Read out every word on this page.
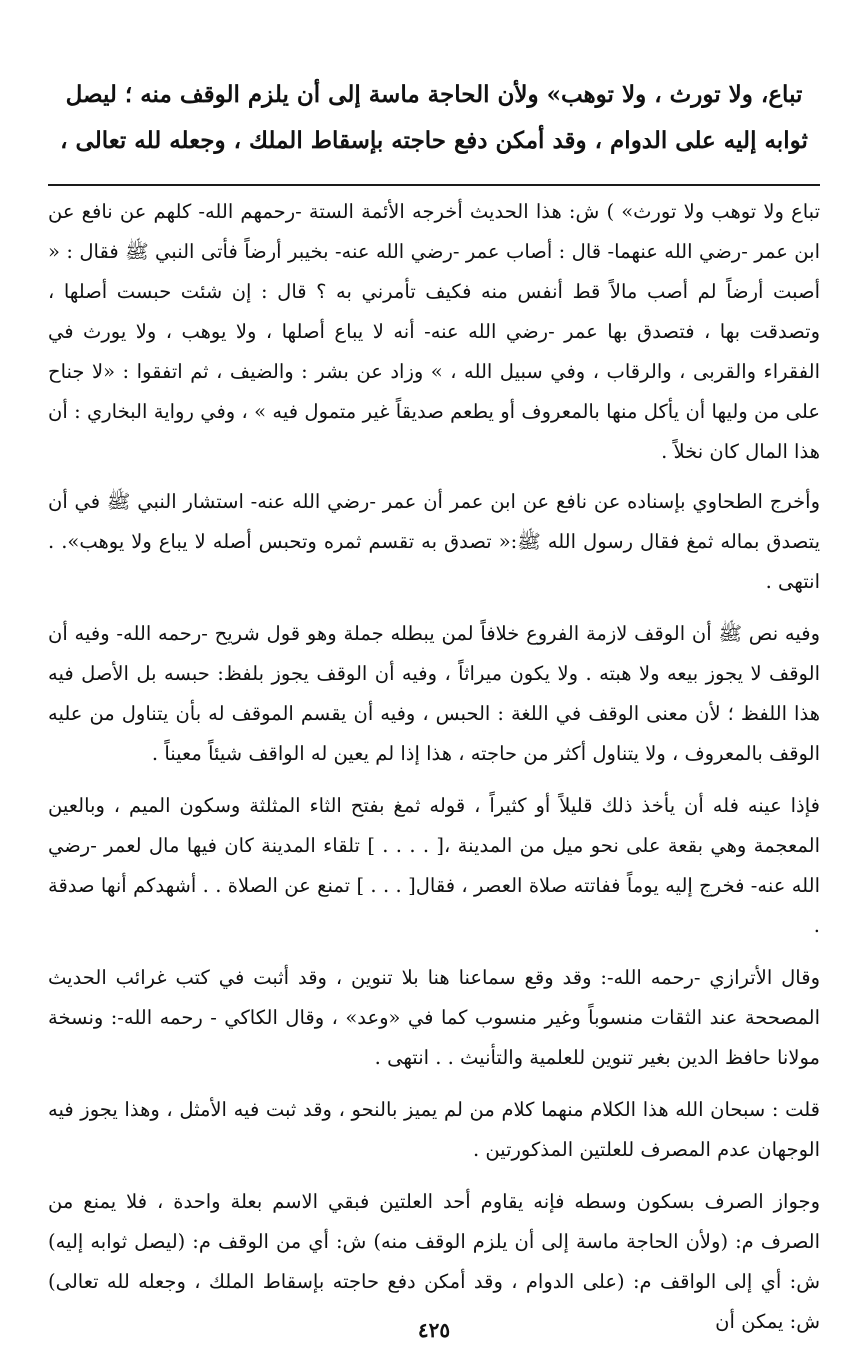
تباع، ولا تورث ، ولا توهب» ولأن الحاجة ماسة إلى أن يلزم الوقف منه ؛ ليصل ثوابه إليه على الدوام ، وقد أمكن دفع حاجته بإسقاط الملك ، وجعله لله تعالى ،

تباع ولا توهب ولا تورث» ) ش: هذا الحديث أخرجه الأئمة الستة -رحمهم الله- كلهم عن نافع عن ابن عمر -رضي الله عنهما- قال : أصاب عمر -رضي الله عنه- بخيبر أرضاً فأتى النبي ﷺ فقال : « أصبت أرضاً لم أصب مالاً قط أنفس منه فكيف تأمرني به ؟ قال : إن شئت حبست أصلها ، وتصدقت بها ، فتصدق بها عمر -رضي الله عنه- أنه لا يباع أصلها ، ولا يوهب ، ولا يورث في الفقراء والقربى ، والرقاب ، وفي سبيل الله ، » وزاد عن بشر : والضيف ، ثم اتفقوا : «لا جناح على من وليها أن يأكل منها بالمعروف أو يطعم صديقاً غير متمول فيه » ، وفي رواية البخاري : أن هذا المال كان نخلاً .

وأخرج الطحاوي بإسناده عن نافع عن ابن عمر أن عمر -رضي الله عنه- استشار النبي ﷺ في أن يتصدق بماله ثمغ فقال رسول الله ﷺ:« تصدق به تقسم ثمره وتحبس أصله لا يباع ولا يوهب». . انتهى .

وفيه نص ﷺ أن الوقف لازمة الفروع خلافاً لمن يبطله جملة وهو قول شريح -رحمه الله- وفيه أن الوقف لا يجوز بيعه ولا هبته . ولا يكون ميراثاً ، وفيه أن الوقف يجوز بلفظ: حبسه بل الأصل فيه هذا اللفظ ؛ لأن معنى الوقف في اللغة : الحبس ، وفيه أن يقسم الموقف له بأن يتناول من عليه الوقف بالمعروف ، ولا يتناول أكثر من حاجته ، هذا إذا لم يعين له الواقف شيئاً معيناً .

فإذا عينه فله أن يأخذ ذلك قليلاً أو كثيراً ، قوله ثمغ بفتح الثاء المثلثة وسكون الميم ، وبالعين المعجمة وهي بقعة على نحو ميل من المدينة ،[ . . . . ] تلقاء المدينة كان فيها مال لعمر -رضي الله عنه- فخرج إليه يوماً ففاتته صلاة العصر ، فقال[ . . . ] تمنع عن الصلاة . . أشهدكم أنها صدقة .

وقال الأترازي -رحمه الله-: وقد وقع سماعنا هنا بلا تنوين ، وقد أثبت في كتب غرائب الحديث المصححة عند الثقات منسوباً وغير منسوب كما في «وعد» ، وقال الكاكي - رحمه الله-: ونسخة مولانا حافظ الدين بغير تنوين للعلمية والتأنيث . . انتهى .

قلت : سبحان الله هذا الكلام منهما كلام من لم يميز بالنحو ، وقد ثبت فيه الأمثل ، وهذا يجوز فيه الوجهان عدم المصرف للعلتين المذكورتين .

وجواز الصرف بسكون وسطه فإنه يقاوم أحد العلتين فبقي الاسم بعلة واحدة ، فلا يمنع من الصرف م: (ولأن الحاجة ماسة إلى أن يلزم الوقف منه) ش: أي من الوقف م: (ليصل ثوابه إليه) ش: أي إلى الواقف م: (على الدوام ، وقد أمكن دفع حاجته بإسقاط الملك ، وجعله لله تعالى) ش: يمكن أن

٤٢٥
